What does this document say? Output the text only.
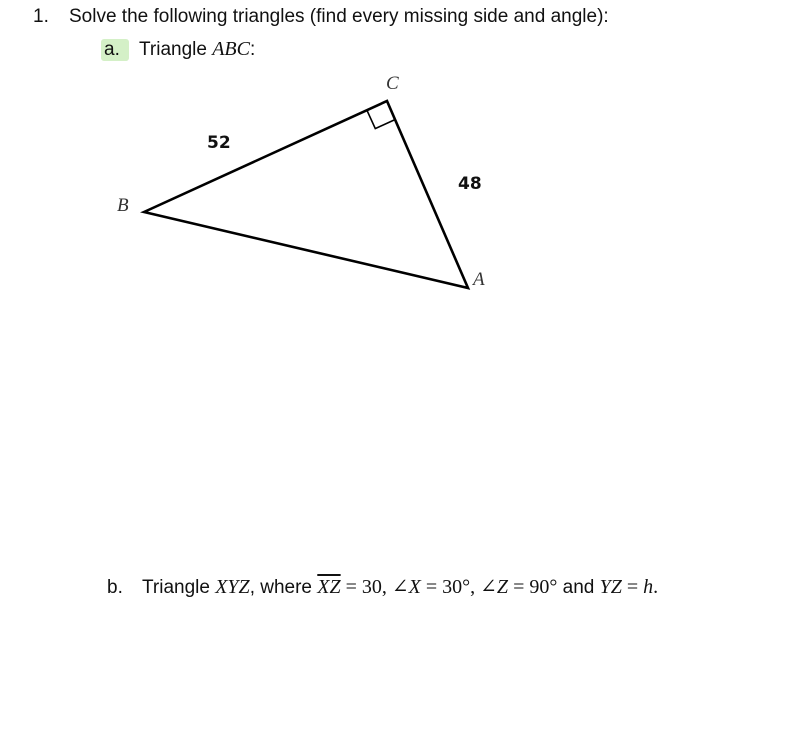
1. Solve the following triangles (find every missing side and angle):
a. Triangle ABC:
C
B
A
52
48
b. Triangle XYZ, where $\overline{XZ} = 30$, ∠X = 30°, ∠Z = 90° and YZ = h.
